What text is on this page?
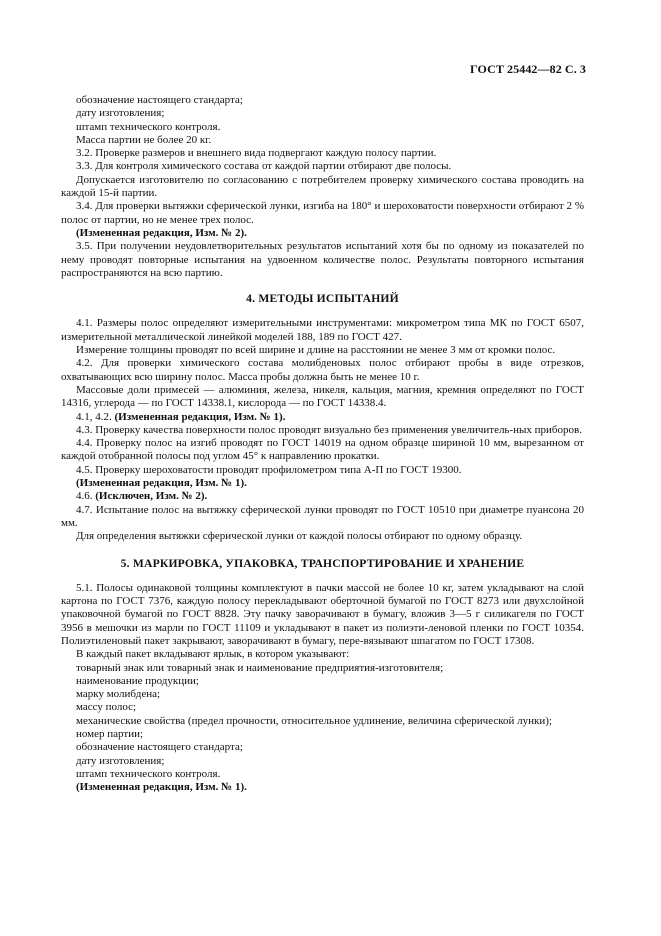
ГОСТ 25442—82 С. 3
обозначение настоящего стандарта;
дату изготовления;
штамп технического контроля.
Масса партии не более 20 кг.
3.2. Проверке размеров и внешнего вида подвергают каждую полосу партии.
3.3. Для контроля химического состава от каждой партии отбирают две полосы.
Допускается изготовителю по согласованию с потребителем проверку химического состава проводить на каждой 15-й партии.
3.4. Для проверки вытяжки сферической лунки, изгиба на 180° и шероховатости поверхности отбирают 2 % полос от партии, но не менее трех полос.
(Измененная редакция, Изм. № 2).
3.5. При получении неудовлетворительных результатов испытаний хотя бы по одному из показателей по нему проводят повторные испытания на удвоенном количестве полос. Результаты повторного испытания распространяются на всю партию.
4. МЕТОДЫ ИСПЫТАНИЙ
4.1. Размеры полос определяют измерительными инструментами: микрометром типа МК по ГОСТ 6507, измерительной металлической линейкой моделей 188, 189 по ГОСТ 427.
Измерение толщины проводят по всей ширине и длине на расстоянии не менее 3 мм от кромки полос.
4.2. Для проверки химического состава молибденовых полос отбирают пробы в виде отрезков, охватывающих всю ширину полос. Масса пробы должна быть не менее 10 г.
Массовые доли примесей — алюминия, железа, никеля, кальция, магния, кремния определяют по ГОСТ 14316, углерода — по ГОСТ 14338.1, кислорода — по ГОСТ 14338.4.
4.1, 4.2. (Измененная редакция, Изм. № 1).
4.3. Проверку качества поверхности полос проводят визуально без применения увеличитель-ных приборов.
4.4. Проверку полос на изгиб проводят по ГОСТ 14019 на одном образце шириной 10 мм, вырезанном от каждой отобранной полосы под углом 45° к направлению прокатки.
4.5. Проверку шероховатости проводят профилометром типа А-П по ГОСТ 19300.
(Измененная редакция, Изм. № 1).
4.6. (Исключен, Изм. № 2).
4.7. Испытание полос на вытяжку сферической лунки проводят по ГОСТ 10510 при диаметре пуансона 20 мм.
Для определения вытяжки сферической лунки от каждой полосы отбирают по одному образцу.
5. МАРКИРОВКА, УПАКОВКА, ТРАНСПОРТИРОВАНИЕ И ХРАНЕНИЕ
5.1. Полосы одинаковой толщины комплектуют в пачки массой не более 10 кг, затем укладывают на слой картона по ГОСТ 7376, каждую полосу перекладывают оберточной бумагой по ГОСТ 8273 или двухслойной упаковочной бумагой по ГОСТ 8828. Эту пачку заворачивают в бумагу, вложив 3—5 г силикагеля по ГОСТ 3956 в мешочки из марли по ГОСТ 11109 и укладывают в пакет из полиэти-леновой пленки по ГОСТ 10354. Полиэтиленовый пакет закрывают, заворачивают в бумагу, пере-вязывают шпагатом по ГОСТ 17308.
В каждый пакет вкладывают ярлык, в котором указывают:
товарный знак или товарный знак и наименование предприятия-изготовителя;
наименование продукции;
марку молибдена;
массу полос;
механические свойства (предел прочности, относительное удлинение, величина сферической лунки);
номер партии;
обозначение настоящего стандарта;
дату изготовления;
штамп технического контроля.
(Измененная редакция, Изм. № 1).
